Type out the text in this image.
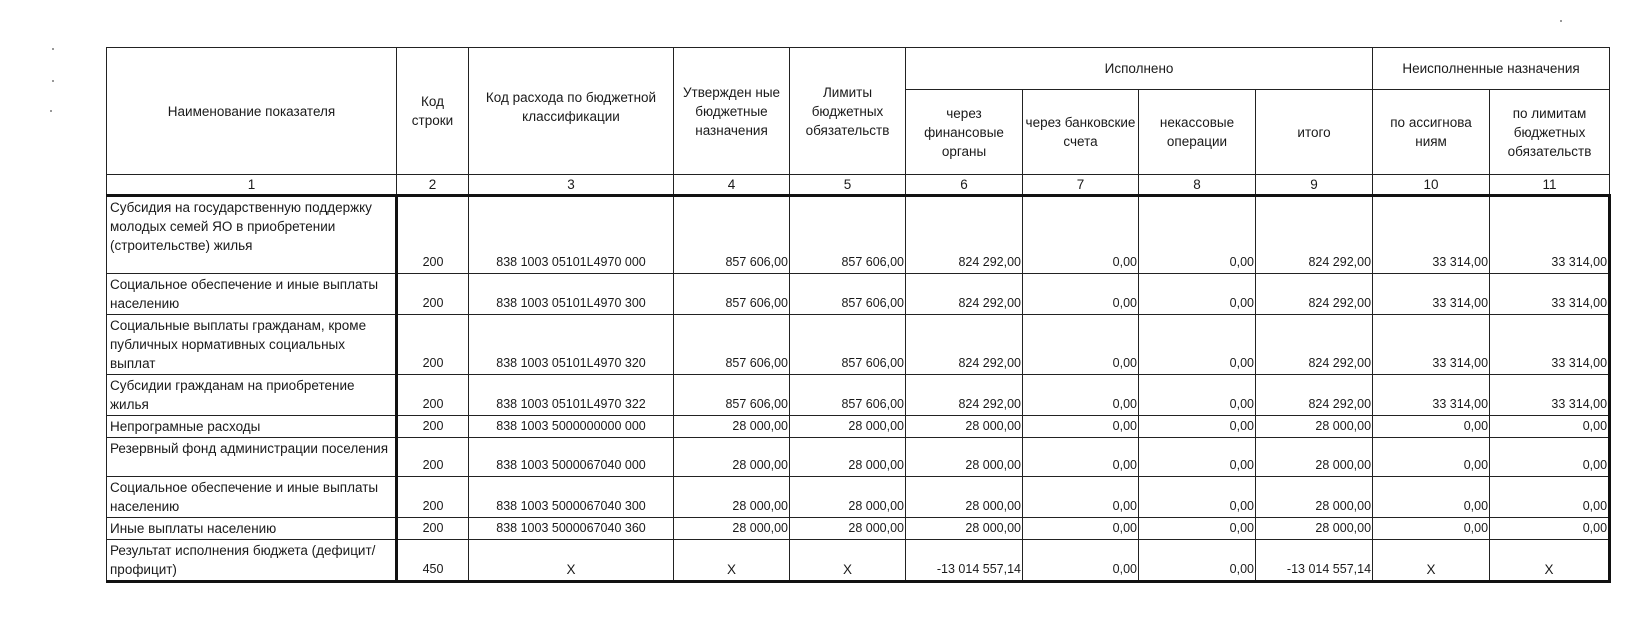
Наименование показателя	Код строки	Код расхода по бюджетной классификации	Утвержден ные бюджетные назначения	Лимиты бюджетных обязательств	Исполнено				Неисполненные назначения	
					через финансовые органы	через банковские счета	некассовые операции	итого	по ассигнова ниям	по лимитам бюджетных обязательств
1	2	3	4	5	6	7	8	9	10	11
Субсидия на государственную поддержку молодых семей ЯО в приобретении (строительстве) жилья	200	838 1003 05101L4970 000	857 606,00	857 606,00	824 292,00	0,00	0,00	824 292,00	33 314,00	33 314,00
Социальное обеспечение и иные выплаты населению	200	838 1003 05101L4970 300	857 606,00	857 606,00	824 292,00	0,00	0,00	824 292,00	33 314,00	33 314,00
Социальные выплаты гражданам, кроме публичных нормативных социальных выплат	200	838 1003 05101L4970 320	857 606,00	857 606,00	824 292,00	0,00	0,00	824 292,00	33 314,00	33 314,00
Субсидии гражданам на приобретение жилья	200	838 1003 05101L4970 322	857 606,00	857 606,00	824 292,00	0,00	0,00	824 292,00	33 314,00	33 314,00
Непрограмные расходы	200	838 1003 5000000000 000	28 000,00	28 000,00	28 000,00	0,00	0,00	28 000,00	0,00	0,00
Резервный фонд администрации поселения	200	838 1003 5000067040 000	28 000,00	28 000,00	28 000,00	0,00	0,00	28 000,00	0,00	0,00
Социальное обеспечение и иные выплаты населению	200	838 1003 5000067040 300	28 000,00	28 000,00	28 000,00	0,00	0,00	28 000,00	0,00	0,00
Иные выплаты населению	200	838 1003 5000067040 360	28 000,00	28 000,00	28 000,00	0,00	0,00	28 000,00	0,00	0,00
Результат исполнения бюджета (дефицит/профицит)	450	X	X	X	-13 014 557,14	0,00	0,00	-13 014 557,14	X	X
